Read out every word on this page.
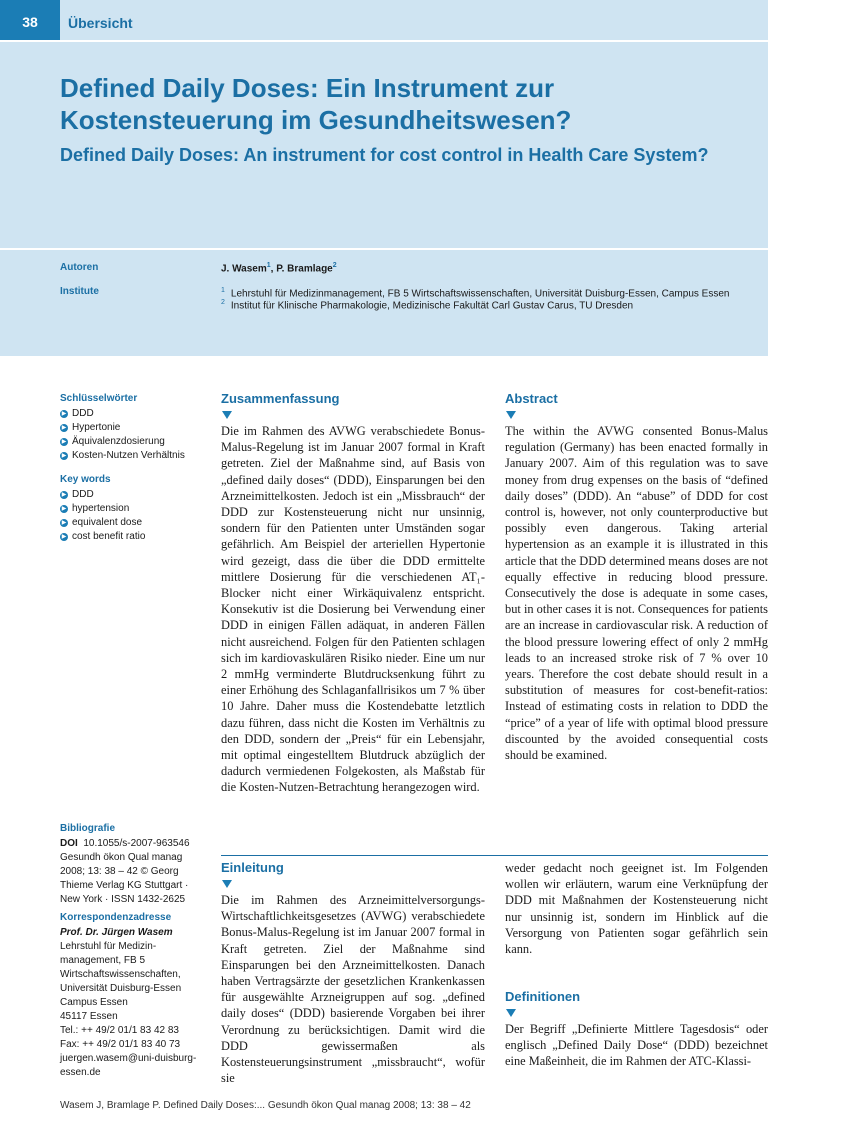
38	Übersicht
Defined Daily Doses: Ein Instrument zur Kostensteuerung im Gesundheitswesen?
Defined Daily Doses: An instrument for cost control in Health Care System?
Autoren	J. Wasem$^1$, P. Bramlage$^2$
Institute	$^1$ Lehrstuhl für Medizinmanagement, FB 5 Wirtschaftswissenschaften, Universität Duisburg-Essen, Campus Essen
$^2$ Institut für Klinische Pharmakologie, Medizinische Fakultät Carl Gustav Carus, TU Dresden
Schlüsselwörter
▶ DDD
▶ Hypertonie
▶ Äquivalenzdosierung
▶ Kosten-Nutzen Verhältnis
Key words
▶ DDD
▶ hypertension
▶ equivalent dose
▶ cost benefit ratio
Bibliografie
DOI 10.1055/s-2007-963546
Gesundh ökon Qual manag
2008; 13: 38 – 42 © Georg
Thieme Verlag KG Stuttgart ·
New York · ISSN 1432-2625
Korrespondenzadresse
Prof. Dr. Jürgen Wasem
Lehrstuhl für Medizin-
management, FB 5
Wirtschaftswissenschaften,
Universität Duisburg-Essen
Campus Essen
45117 Essen
Tel.: ++ 49/2 01/1 83 42 83
Fax: ++ 49/2 01/1 83 40 73
juergen.wasem@uni-duisburg-
essen.de
Zusammenfassung

Die im Rahmen des AVWG verabschiedete Bonus-Malus-Regelung ist im Januar 2007 formal in Kraft getreten. Ziel der Maßnahme sind, auf Basis von „defined daily doses“ (DDD), Einsparungen bei den Arzneimittelkosten. Jedoch ist ein „Missbrauch“ der DDD zur Kostensteuerung nicht nur unsinnig, sondern für den Patienten unter Umständen sogar gefährlich. Am Beispiel der arteriellen Hypertonie wird gezeigt, dass die über die DDD ermittelte mittlere Dosierung für die verschiedenen AT₁-Blocker nicht einer Wirkäquivalenz entspricht. Konsekutiv ist die Dosierung bei Verwendung einer DDD in einigen Fällen adäquat, in anderen Fällen nicht ausreichend. Folgen für den Patienten schlagen sich im kardiovaskulären Risiko nieder. Eine um nur 2 mmHg verminderte Blutdrucksenkung führt zu einer Erhöhung des Schlaganfallrisikos um 7 % über 10 Jahre. Daher muss die Kostendebatte letztlich dazu führen, dass nicht die Kosten im Verhältnis zu den DDD, sondern der „Preis“ für ein Lebensjahr, mit optimal eingestelltem Blutdruck abzüglich der dadurch vermiedenen Folgekosten, als Maßstab für die Kosten-Nutzen-Betrachtung herangezogen wird.

Abstract

The within the AVWG consented Bonus-Malus regulation (Germany) has been enacted formally in January 2007. Aim of this regulation was to save money from drug expenses on the basis of “defined daily doses” (DDD). An “abuse” of DDD for cost control is, however, not only counterproductive but possibly even dangerous. Taking arterial hypertension as an example it is illustrated in this article that the DDD determined means doses are not equally effective in reducing blood pressure. Consecutively the dose is adequate in some cases, but in other cases it is not. Consequences for patients are an increase in cardiovascular risk. A reduction of the blood pressure lowering effect of only 2 mmHg leads to an increased stroke risk of 7 % over 10 years. Therefore the cost debate should result in a substitution of measures for cost-benefit-ratios: Instead of estimating costs in relation to DDD the “price” of a year of life with optimal blood pressure discounted by the avoided consequential costs should be examined.

Einleitung

Die im Rahmen des Arzneimittelversorgungs-Wirtschaftlichkeitsgesetzes (AVWG) verabschiedete Bonus-Malus-Regelung ist im Januar 2007 formal in Kraft getreten. Ziel der Maßnahme sind Einsparungen bei den Arzneimittelkosten. Danach haben Vertragsärzte der gesetzlichen Krankenkassen für ausgewählte Arzneigruppen auf sog. „defined daily doses“ (DDD) basierende Vorgaben bei ihrer Verordnung zu berücksichtigen. Damit wird die DDD gewissermaßen als Kostensteuerungsinstrument „missbraucht“, wofür sie

weder gedacht noch geeignet ist. Im Folgenden wollen wir erläutern, warum eine Verknüpfung der DDD mit Maßnahmen der Kostensteuerung nicht nur unsinnig ist, sondern im Hinblick auf die Versorgung von Patienten sogar gefährlich sein kann.

Definitionen

Der Begriff „Definierte Mittlere Tagesdosis“ oder englisch „Defined Daily Dose“ (DDD) bezeichnet eine Maßeinheit, die im Rahmen der ATC-Klassi-

Wasem J, Bramlage P. Defined Daily Doses:... Gesundh ökon Qual manag 2008; 13: 38 – 42
